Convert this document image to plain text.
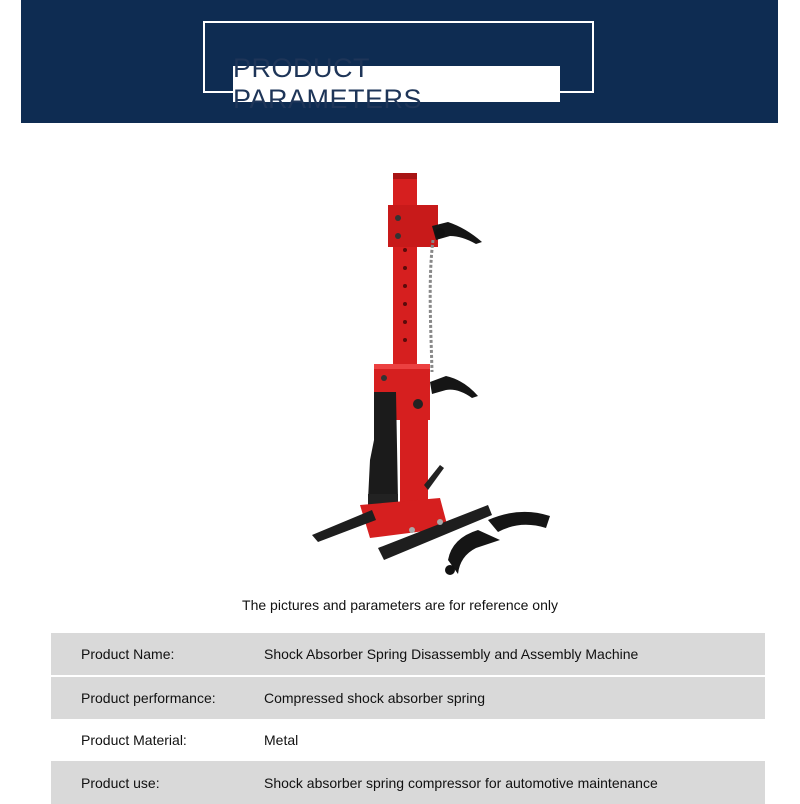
PRODUCT PARAMETERS
The pictures and parameters are for reference only
Product Name:	Shock Absorber Spring Disassembly and Assembly Machine
Product performance:	Compressed shock absorber spring
Product Material:	Metal
Product use:	Shock absorber spring compressor for automotive maintenance
